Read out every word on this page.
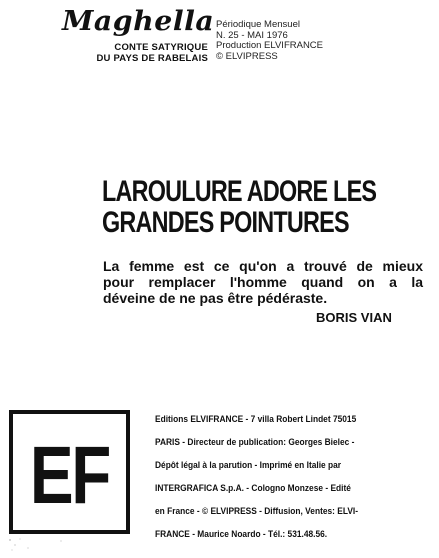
Maghella
CONTE SATYRIQUE
DU PAYS DE RABELAIS
Périodique Mensuel
N. 25 - MAI 1976
Production ELVIFRANCE
© ELVIPRESS
LAROULURE ADORE LES
GRANDES POINTURES
La femme est ce qu'on a trouvé de mieux
pour remplacer l'homme quand on a la
déveine de ne pas être pédéraste.
BORIS VIAN
EF
Editions ELVIFRANCE - 7 villa Robert Lindet 75015
PARIS - Directeur de publication: Georges Bielec -
Dépôt légal à la parution - Imprimé en Italie par
INTERGRAFICA S.p.A. - Cologno Monzese - Edité
en France - © ELVIPRESS - Diffusion, Ventes: ELVI-
FRANCE - Maurice Noardo - Tél.: 531.48.56.
